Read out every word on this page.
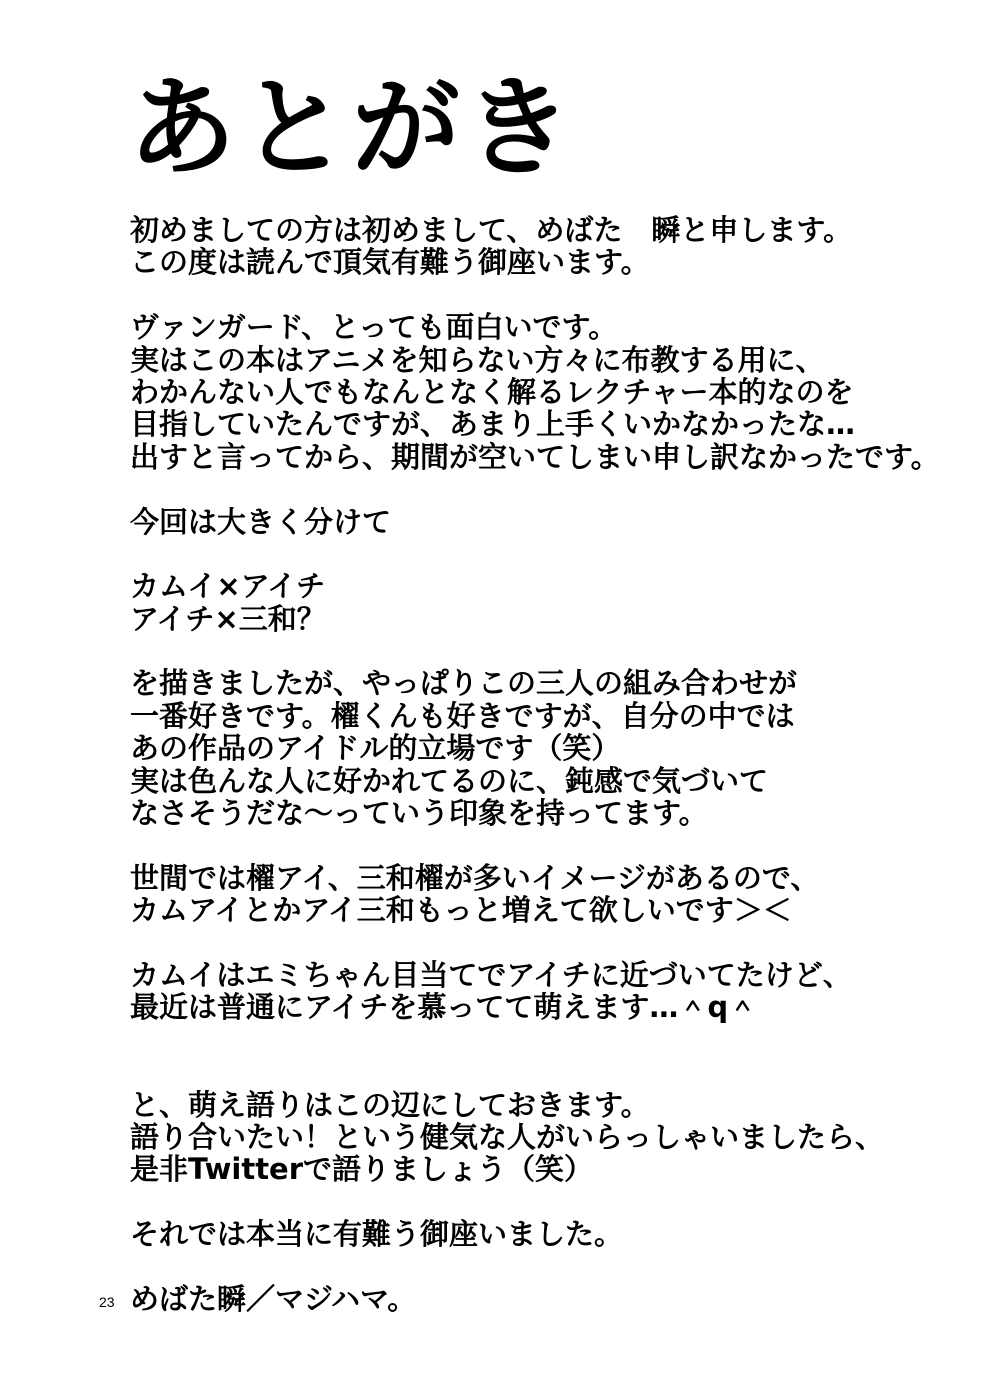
あとがき
初めましての方は初めまして、めばた　瞬と申します。
この度は読んで頂気有難う御座います。
ヴァンガード、とっても面白いです。
実はこの本はアニメを知らない方々に布教する用に、
わかんない人でもなんとなく解るレクチャー本的なのを
目指していたんですが、あまり上手くいかなかったな…
出すと言ってから、期間が空いてしまい申し訳なかったです。
今回は大きく分けて
カムイ×アイチ
アイチ×三和？
を描きましたが、やっぱりこの三人の組み合わせが
一番好きです。櫂くんも好きですが、自分の中では
あの作品のアイドル的立場です（笑）
実は色んな人に好かれてるのに、鈍感で気づいて
なさそうだな～っていう印象を持ってます。
世間では櫂アイ、三和櫂が多いイメージがあるので、
カムアイとかアイ三和もっと増えて欲しいです＞＜
カムイはエミちゃん目当てでアイチに近づいてたけど、
最近は普通にアイチを慕ってて萌えます…＾q＾
と、萌え語りはこの辺にしておきます。
語り合いたい！という健気な人がいらっしゃいましたら、
是非Twitterで語りましょう（笑）
それでは本当に有難う御座いました。
めばた瞬／マジハマ。
23
